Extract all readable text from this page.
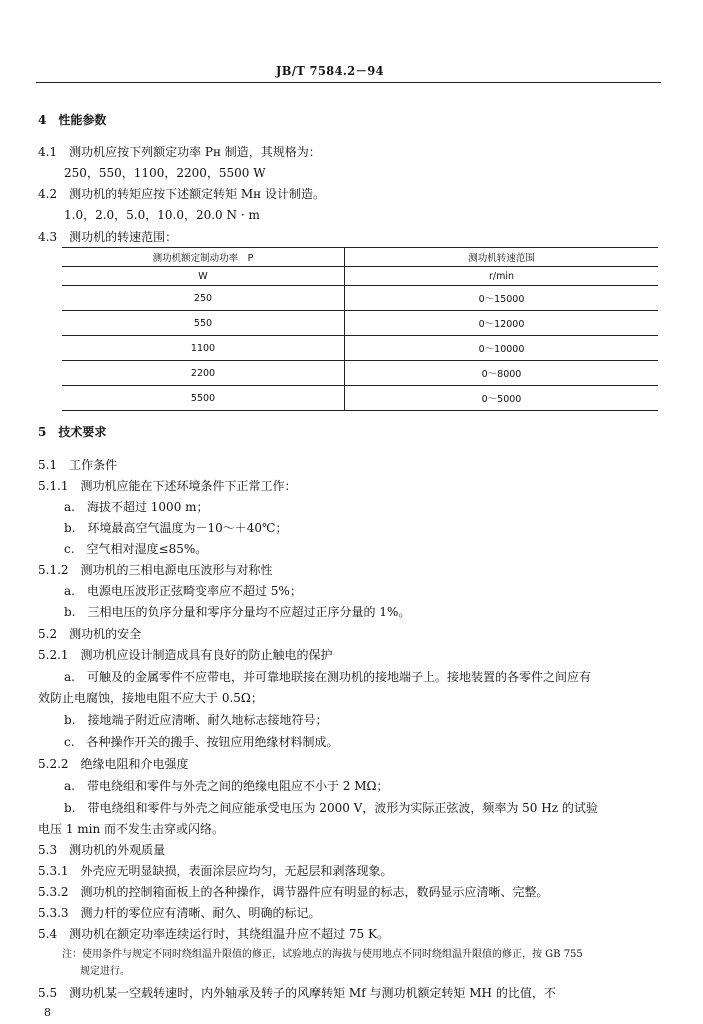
JB/T 7584.2－94
4　性能参数
4.1　测功机应按下列额定功率 Pн 制造，其规格为：
250，550，1100，2200，5500 W
4.2　测功机的转矩应按下述额定转矩 Mн 设计制造。
1.0，2.0，5.0，10.0，20.0 N · m
4.3　测功机的转速范围：
测功机额定制动功率　P	测功机转速范围
W	r/min
250	0～15000
550	0～12000
1100	0～10000
2200	0～8000
5500	0～5000
5　技术要求
5.1　工作条件
5.1.1　测功机应能在下述环境条件下正常工作：
a.　海拔不超过 1000 m；
b.　环境最高空气温度为－10～＋40℃；
c.　空气相对湿度≤85%。
5.1.2　测功机的三相电源电压波形与对称性
a.　电源电压波形正弦畸变率应不超过 5%；
b.　三相电压的负序分量和零序分量均不应超过正序分量的 1%。
5.2　测功机的安全
5.2.1　测功机应设计制造成具有良好的防止触电的保护
a.　可触及的金属零件不应带电，并可靠地联接在测功机的接地端子上。接地装置的各零件之间应有
效防止电腐蚀，接地电阻不应大于 0.5Ω；
b.　接地端子附近应清晰、耐久地标志接地符号；
c.　各种操作开关的搬手、按钮应用绝缘材料制成。
5.2.2　绝缘电阻和介电强度
a.　带电绕组和零件与外壳之间的绝缘电阻应不小于 2 MΩ；
b.　带电绕组和零件与外壳之间应能承受电压为 2000 V，波形为实际正弦波，频率为 50 Hz 的试验
电压 1 min 而不发生击穿或闪络。
5.3　测功机的外观质量
5.3.1　外壳应无明显缺损，表面涂层应均匀，无起层和剥落现象。
5.3.2　测功机的控制箱面板上的各种操作，调节器件应有明显的标志，数码显示应清晰、完整。
5.3.3　测力杆的零位应有清晰、耐久、明确的标记。
5.4　测功机在额定功率连续运行时，其绕组温升应不超过 75 K。
注：使用条件与规定不同时绕组温升限值的修正，试验地点的海拔与使用地点不同时绕组温升限值的修正，按 GB 755
规定进行。
5.5　测功机某一空载转速时，内外轴承及转子的风摩转矩 Mf 与测功机额定转矩 MH 的比值，不
8
